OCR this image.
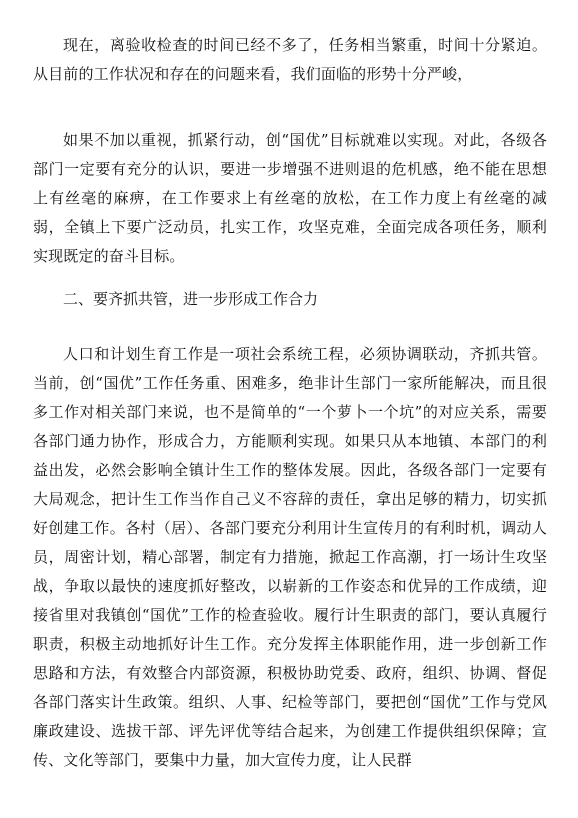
现在，离验收检查的时间已经不多了，任务相当繁重，时间十分紧迫。从目前的工作状况和存在的问题来看，我们面临的形势十分严峻，

如果不加以重视，抓紧行动，创“国优”目标就难以实现。对此，各级各部门一定要有充分的认识，要进一步增强不进则退的危机感，绝不能在思想上有丝毫的麻痹，在工作要求上有丝毫的放松，在工作力度上有丝毫的减弱，全镇上下要广泛动员，扎实工作，攻坚克难，全面完成各项任务，顺利实现既定的奋斗目标。

二、要齐抓共管，进一步形成工作合力

人口和计划生育工作是一项社会系统工程，必须协调联动，齐抓共管。当前，创“国优”工作任务重、困难多，绝非计生部门一家所能解决，而且很多工作对相关部门来说，也不是简单的“一个萝卜一个坑”的对应关系，需要各部门通力协作，形成合力，方能顺利实现。如果只从本地镇、本部门的利益出发，必然会影响全镇计生工作的整体发展。因此，各级各部门一定要有大局观念，把计生工作当作自己义不容辞的责任，拿出足够的精力，切实抓好创建工作。各村（居）、各部门要充分利用计生宣传月的有利时机，调动人员，周密计划，精心部署，制定有力措施，掀起工作高潮，打一场计生攻坚战，争取以最快的速度抓好整改，以崭新的工作姿态和优异的工作成绩，迎接省里对我镇创“国优”工作的检查验收。履行计生职责的部门，要认真履行职责，积极主动地抓好计生工作。充分发挥主体职能作用，进一步创新工作思路和方法，有效整合内部资源，积极协助党委、政府，组织、协调、督促各部门落实计生政策。组织、人事、纪检等部门，要把创“国优”工作与党风廉政建设、选拔干部、评先评优等结合起来，为创建工作提供组织保障；宣传、文化等部门，要集中力量，加大宣传力度，让人民群
